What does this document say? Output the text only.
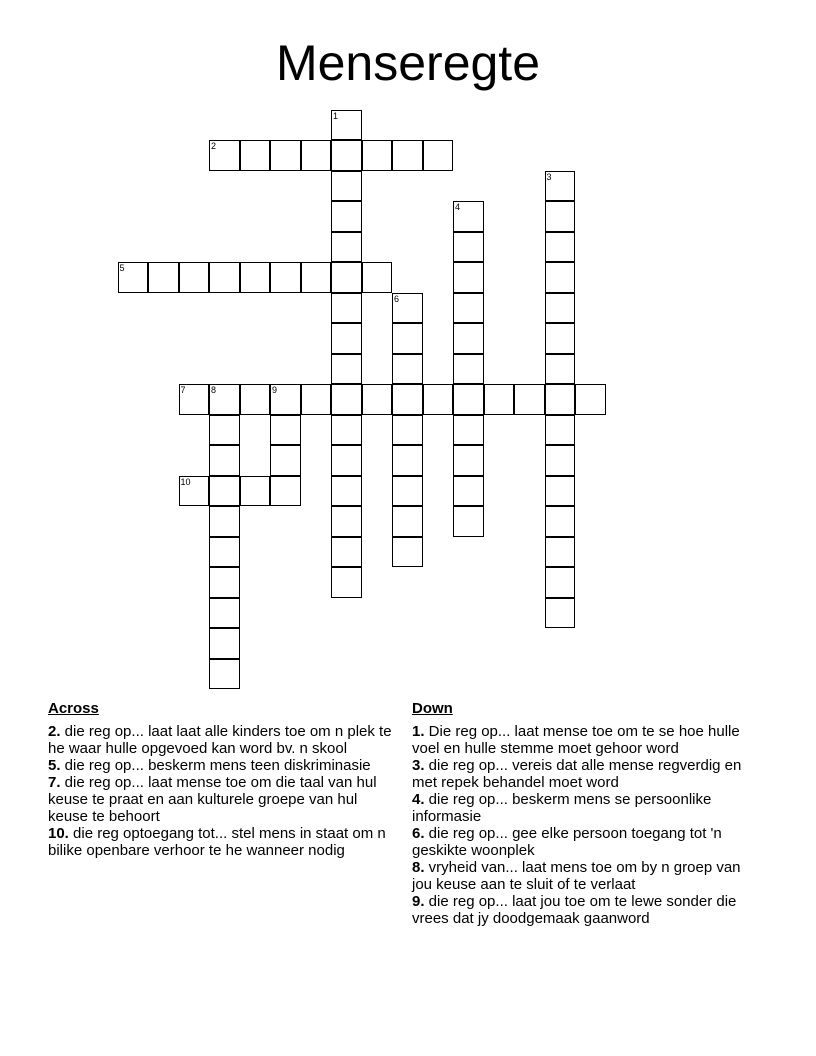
Menseregte
2
5
7	8	9
10
1
3
4
6
Across
2. die reg op... laat laat alle kinders toe om n plek te he waar hulle opgevoed kan word bv. n skool
5. die reg op... beskerm mens teen diskriminasie
7. die reg op... laat mense toe om die taal van hul keuse te praat en aan kulturele groepe van hul keuse te behoort
10. die reg optoegang tot... stel mens in staat om n bilike openbare verhoor te he wanneer nodig
Down
1. Die reg op... laat mense toe om te se hoe hulle voel en hulle stemme moet gehoor word
3. die reg op... vereis dat alle mense regverdig en met repek behandel moet word
4. die reg op... beskerm mens se persoonlike informasie
6. die reg op... gee elke persoon toegang tot 'n geskikte woonplek
8. vryheid van... laat mens toe om by n groep van jou keuse aan te sluit of te verlaat
9. die reg op... laat jou toe om te lewe sonder die vrees dat jy doodgemaak gaanword
